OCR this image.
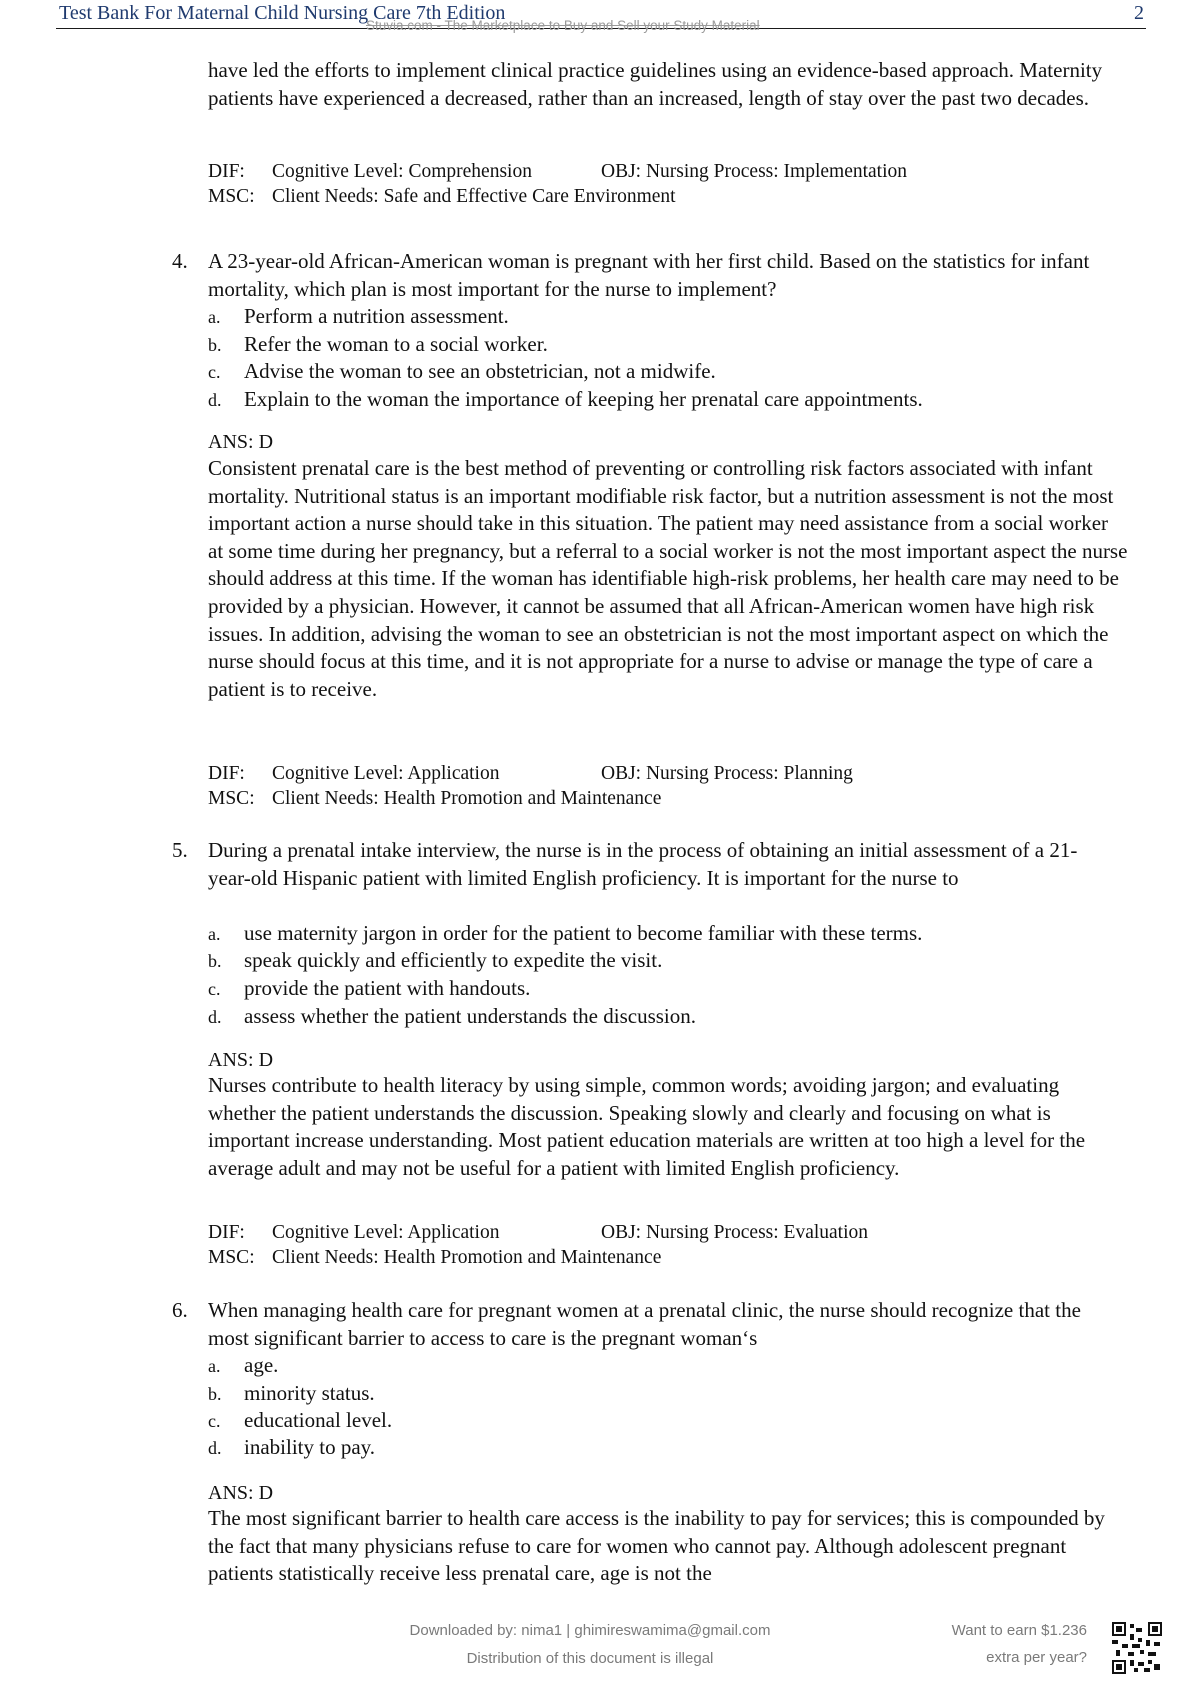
Test Bank For Maternal Child Nursing Care 7th Edition	2
Stuvia.com - The Marketplace to Buy and Sell your Study Material

have led the efforts to implement clinical practice guidelines using an evidence-based approach. Maternity patients have experienced a decreased, rather than an increased, length of stay over the past two decades.

DIF: Cognitive Level: Comprehension	OBJ: Nursing Process: Implementation
MSC: Client Needs: Safe and Effective Care Environment
4. A 23-year-old African-American woman is pregnant with her first child. Based on the statistics for infant mortality, which plan is most important for the nurse to implement?

a. Perform a nutrition assessment.
b. Refer the woman to a social worker.
c. Advise the woman to see an obstetrician, not a midwife.
d. Explain to the woman the importance of keeping her prenatal care appointments.
ANS: D

Consistent prenatal care is the best method of preventing or controlling risk factors associated with infant mortality. Nutritional status is an important modifiable risk factor, but a nutrition assessment is not the most important action a nurse should take in this situation. The patient may need assistance from a social worker at some time during her pregnancy, but a referral to a social worker is not the most important aspect the nurse should address at this time. If the woman has identifiable high-risk problems, her health care may need to be provided by a physician. However, it cannot be assumed that all African-American women have high risk issues. In addition, advising the woman to see an obstetrician is not the most important aspect on which the nurse should focus at this time, and it is not appropriate for a nurse to advise or manage the type of care a patient is to receive.

DIF: Cognitive Level: Application	OBJ: Nursing Process: Planning
MSC: Client Needs: Health Promotion and Maintenance
5. During a prenatal intake interview, the nurse is in the process of obtaining an initial assessment of a 21-year-old Hispanic patient with limited English proficiency. It is important for the nurse to

a. use maternity jargon in order for the patient to become familiar with these terms.
b. speak quickly and efficiently to expedite the visit.
c. provide the patient with handouts.
d. assess whether the patient understands the discussion.
ANS: D

Nurses contribute to health literacy by using simple, common words; avoiding jargon; and evaluating whether the patient understands the discussion. Speaking slowly and clearly and focusing on what is important increase understanding. Most patient education materials are written at too high a level for the average adult and may not be useful for a patient with limited English proficiency.

DIF: Cognitive Level: Application	OBJ: Nursing Process: Evaluation
MSC: Client Needs: Health Promotion and Maintenance
6. When managing health care for pregnant women at a prenatal clinic, the nurse should recognize that the most significant barrier to access to care is the pregnant woman‘s

a. age.
b. minority status.
c. educational level.
d. inability to pay.
ANS: D

The most significant barrier to health care access is the inability to pay for services; this is compounded by the fact that many physicians refuse to care for women who cannot pay. Although adolescent pregnant patients statistically receive less prenatal care, age is not the

Downloaded by: nima1 | ghimireswamima@gmail.com
Distribution of this document is illegal
Want to earn $1.236
extra per year?
